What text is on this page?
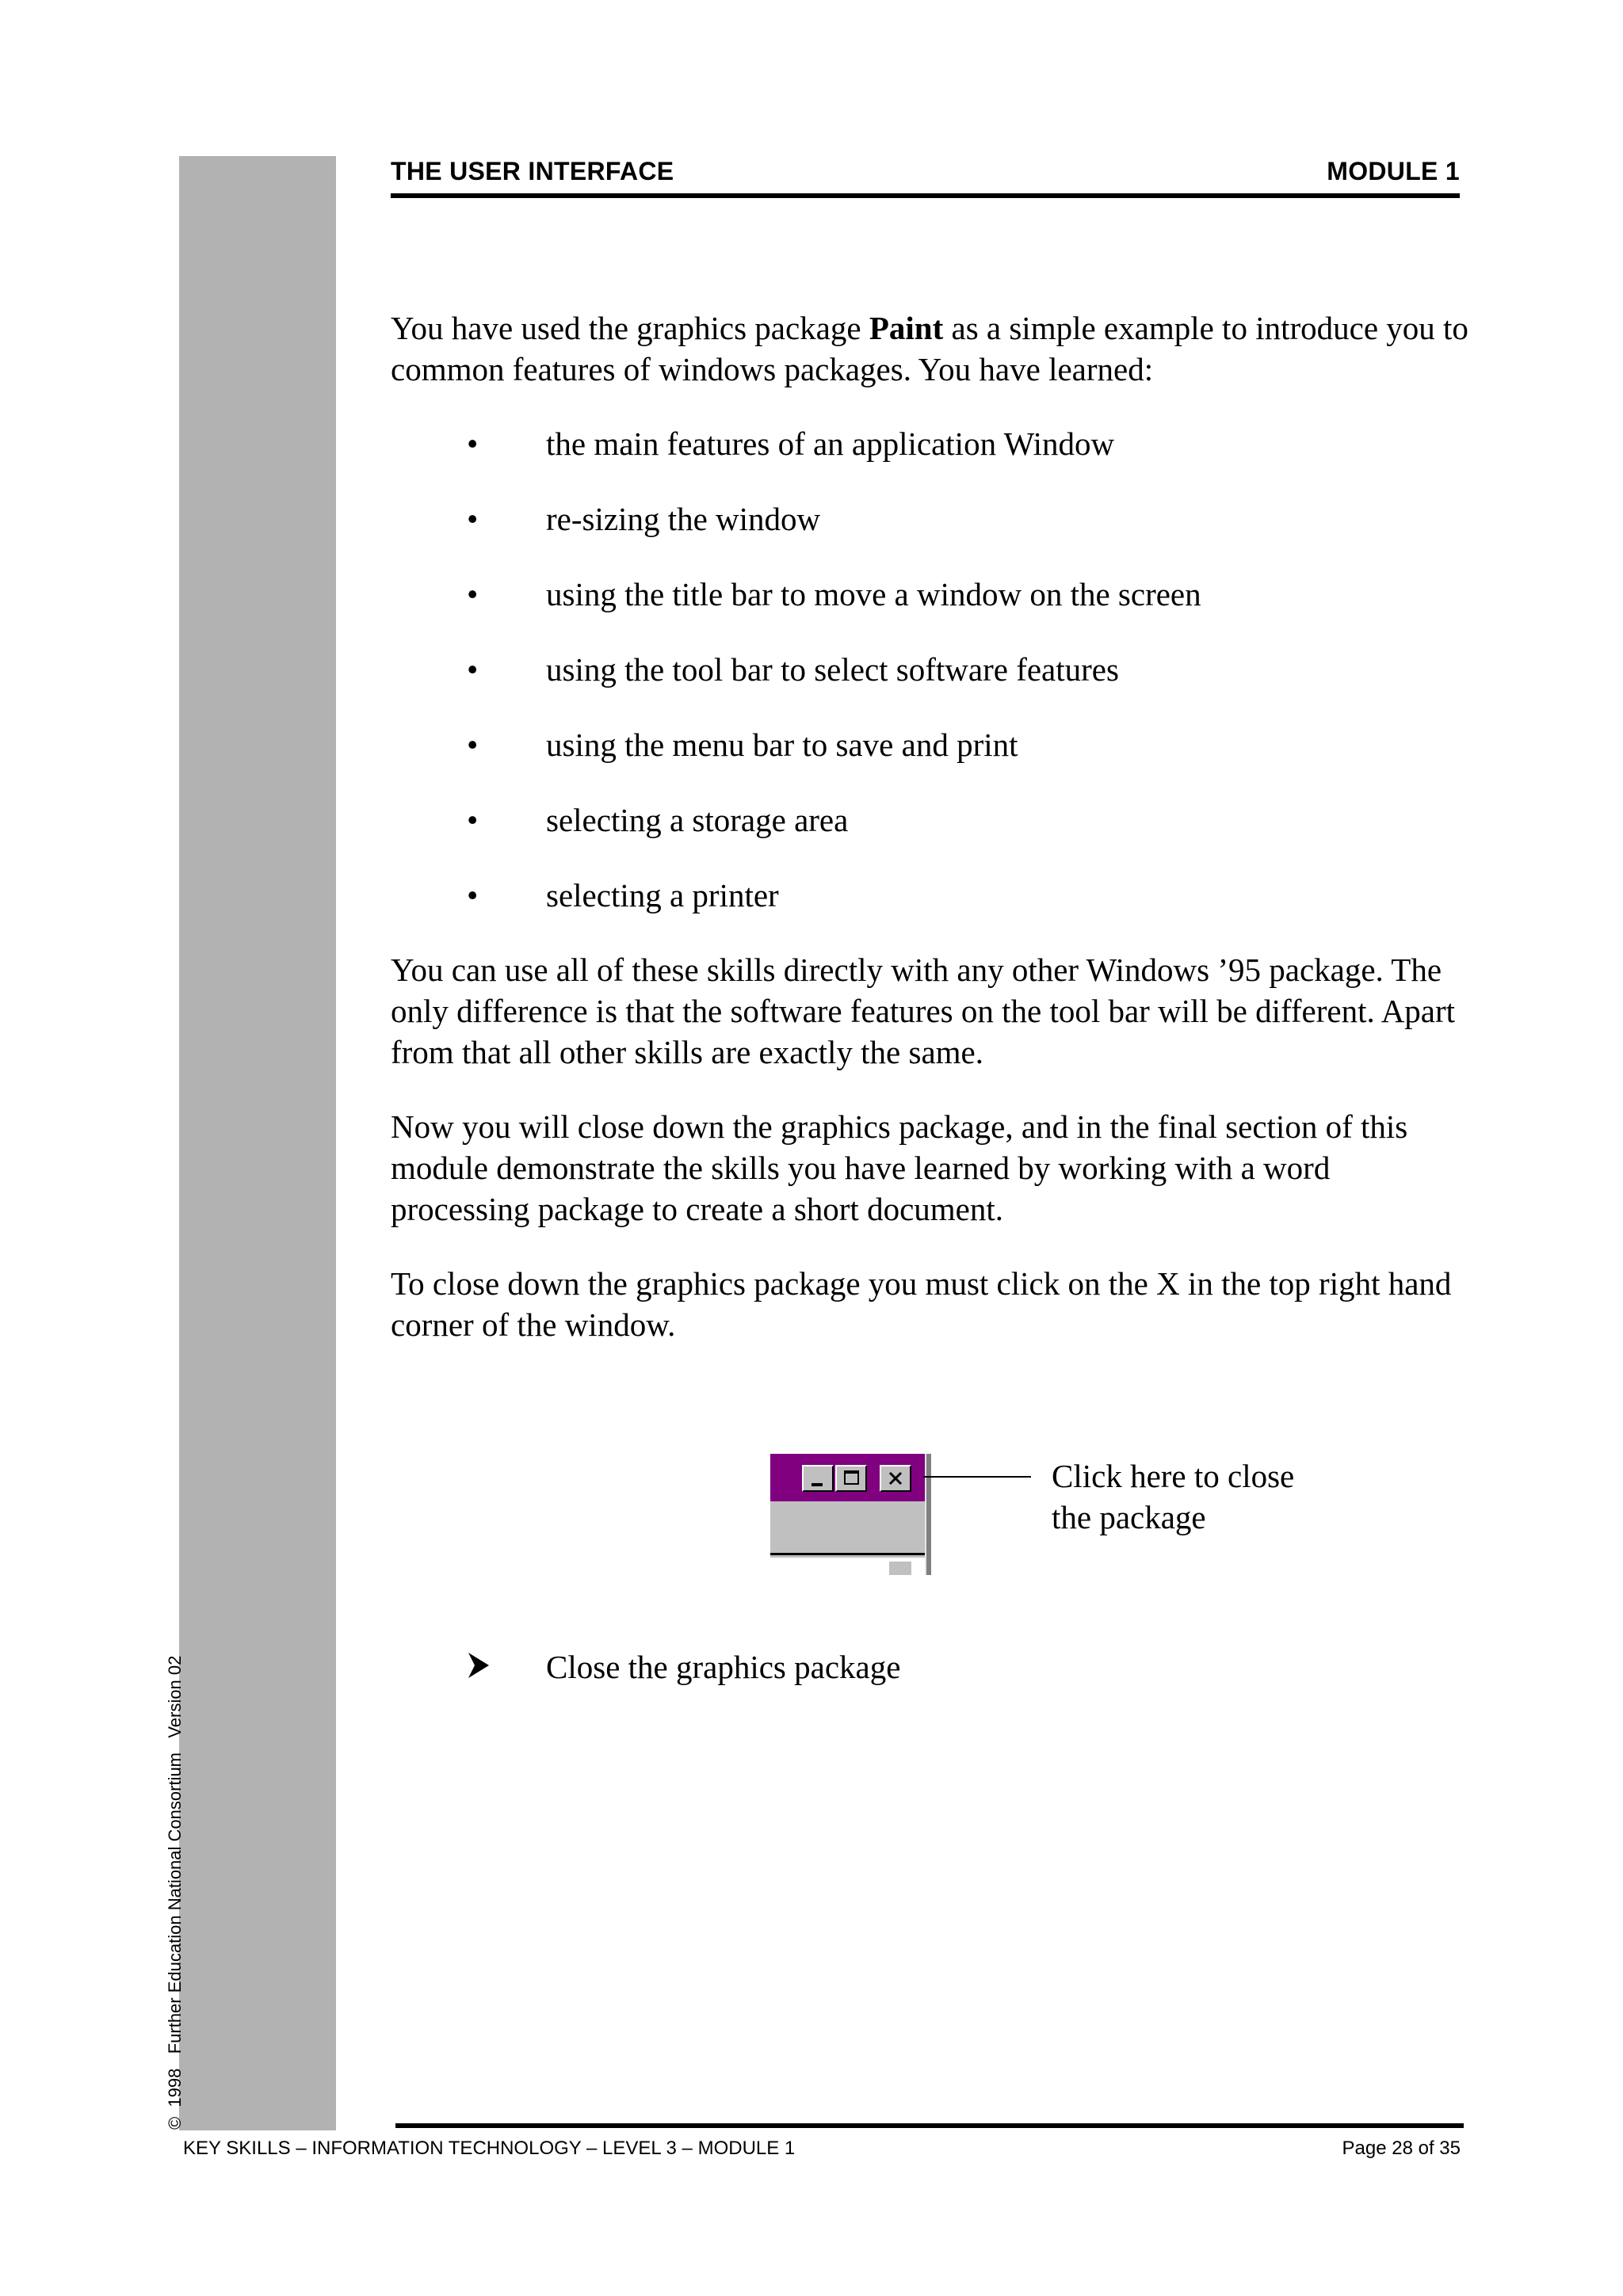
©  1998   Further Education National Consortium   Version 02
THE USER INTERFACE	MODULE 1

You have used the graphics package Paint as a simple example to introduce you to common features of windows packages. You have learned:

• the main features of an application Window
• re-sizing the window
• using the title bar to move a window on the screen
• using the tool bar to select software features
• using the menu bar to save and print
• selecting a storage area
• selecting a printer

You can use all of these skills directly with any other Windows ’95 package. The only difference is that the software features on the tool bar will be different. Apart from that all other skills are exactly the same.

Now you will close down the graphics package, and in the final section of this module demonstrate the skills you have learned by working with a word processing package to create a short document.

To close down the graphics package you must click on the X in the top right hand corner of the window.

Click here to close
the package
Close the graphics package
KEY SKILLS – INFORMATION TECHNOLOGY – LEVEL 3 – MODULE 1	Page 28 of 35
